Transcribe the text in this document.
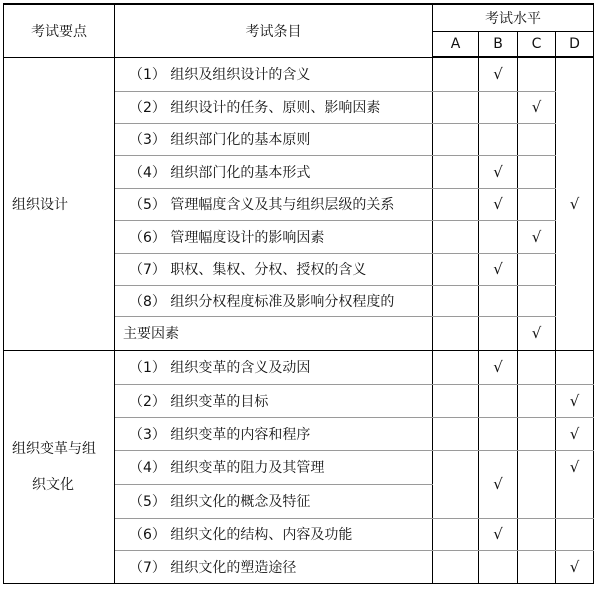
考试要点	考试条目	考试水平			
		A	B	C	D
组织设计	（1） 组织及组织设计的含义		√		√
	（2） 组织设计的任务、原则、影响因素			√	
	（3） 组织部门化的基本原则				
	（4） 组织部门化的基本形式		√		
	（5） 管理幅度含义及其与组织层级的关系		√		
	（6） 管理幅度设计的影响因素			√	
	（7） 职权、集权、分权、授权的含义		√		
	（8） 组织分权程度标准及影响分权程度的				
	主要因素			√	
组织变革与组
织文化	（1） 组织变革的含义及动因		√		
	（2） 组织变革的目标				√
	（3） 组织变革的内容和程序				√
	（4） 组织变革的阻力及其管理		√		√
	（5） 组织文化的概念及特征				
	（6） 组织文化的结构、内容及功能		√		
	（7） 组织文化的塑造途径				√
